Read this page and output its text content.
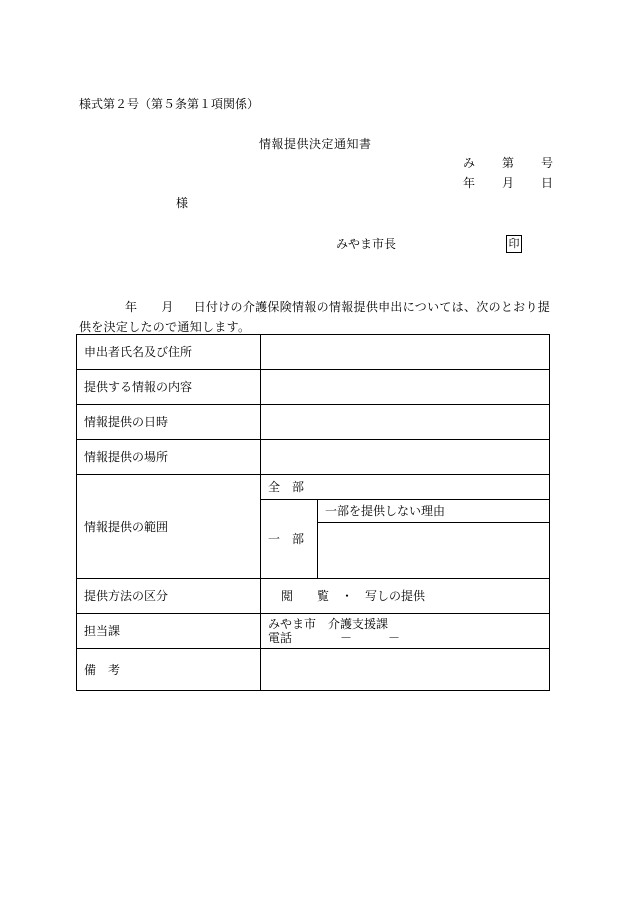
様式第２号（第５条第１項関係）
情報提供決定通知書
み 第 号
年 月 日
様
みやま市長	印
年 月 日付けの介護保険情報の情報提供申出については、次のとおり提
供を決定したので通知します。
申出者氏名及び住所		
提供する情報の内容		
情報提供の日時		
情報提供の場所		
情報提供の範囲	全　部	
	一　部	一部を提供しない理由

提供方法の区分	閲　　覧　・　写しの提供	
担当課	みやま市　介護支援課
電話　　　　－　　　－	

備　考		
